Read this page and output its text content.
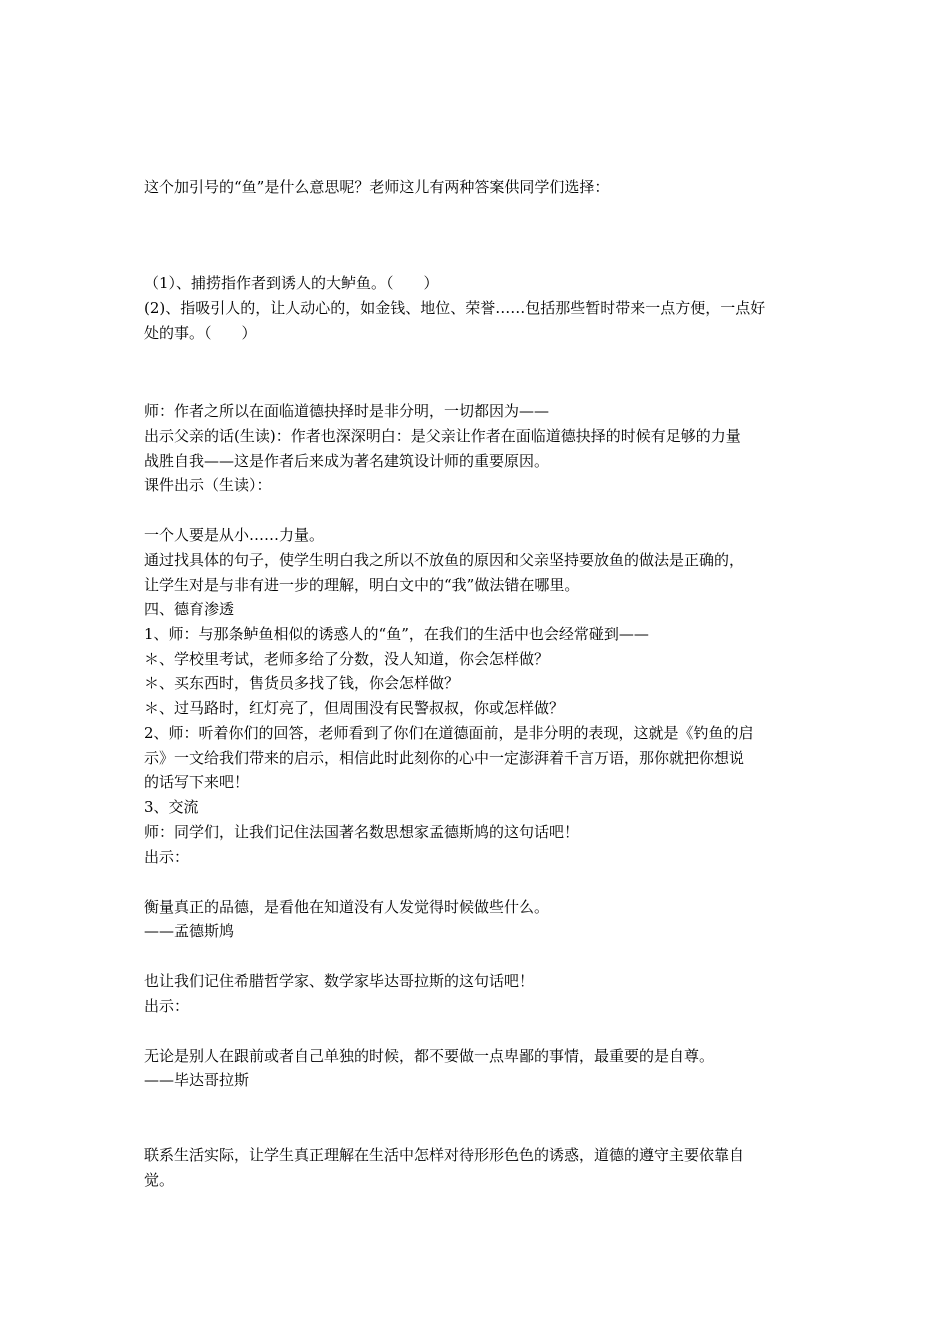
这个加引号的“鱼”是什么意思呢？老师这儿有两种答案供同学们选择：
（1）、捕捞指作者到诱人的大鲈鱼。（　　）
(2)、指吸引人的，让人动心的，如金钱、地位、荣誉……包括那些暂时带来一点方便，一点好
处的事。（　　）
师：作者之所以在面临道德抉择时是非分明，一切都因为——
出示父亲的话(生读)：作者也深深明白：是父亲让作者在面临道德抉择的时候有足够的力量
战胜自我——这是作者后来成为著名建筑设计师的重要原因。
课件出示（生读）：
一个人要是从小……力量。
通过找具体的句子，使学生明白我之所以不放鱼的原因和父亲坚持要放鱼的做法是正确的，
让学生对是与非有进一步的理解，明白文中的“我”做法错在哪里。
四、德育渗透
1、师：与那条鲈鱼相似的诱惑人的“鱼”，在我们的生活中也会经常碰到——
＊、学校里考试，老师多给了分数，没人知道，你会怎样做？
＊、买东西时，售货员多找了钱，你会怎样做？
＊、过马路时，红灯亮了，但周围没有民警叔叔，你或怎样做？
2、师：听着你们的回答，老师看到了你们在道德面前，是非分明的表现，这就是《钓鱼的启
示》一文给我们带来的启示，相信此时此刻你的心中一定澎湃着千言万语，那你就把你想说
的话写下来吧！
3、交流
师：同学们，让我们记住法国著名数思想家孟德斯鸠的这句话吧！
出示：
衡量真正的品德，是看他在知道没有人发觉得时候做些什么。
——孟德斯鸠
也让我们记住希腊哲学家、数学家毕达哥拉斯的这句话吧！
出示：
无论是别人在跟前或者自己单独的时候，都不要做一点卑鄙的事情，最重要的是自尊。
——毕达哥拉斯
联系生活实际，让学生真正理解在生活中怎样对待形形色色的诱惑，道德的遵守主要依靠自
觉。
